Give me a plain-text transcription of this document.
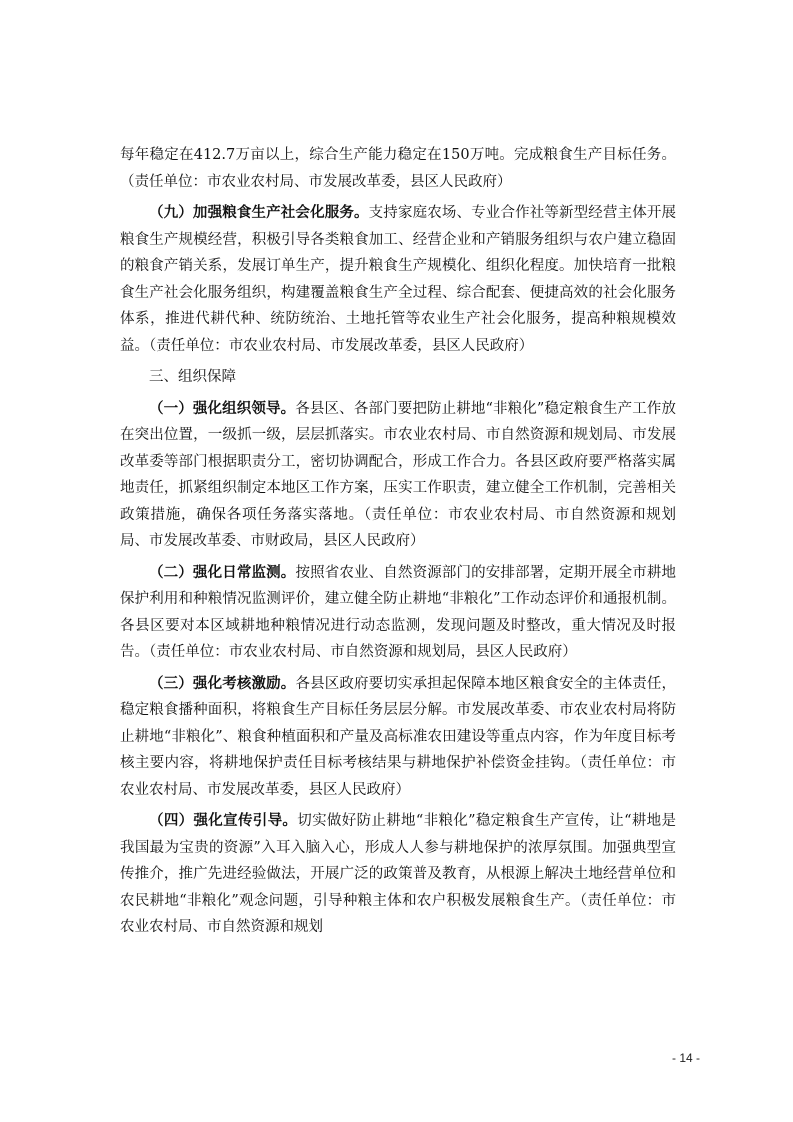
每年稳定在412.7万亩以上，综合生产能力稳定在150万吨。完成粮食生产目标任务。（责任单位：市农业农村局、市发展改革委，县区人民政府）

（九）加强粮食生产社会化服务。支持家庭农场、专业合作社等新型经营主体开展粮食生产规模经营，积极引导各类粮食加工、经营企业和产销服务组织与农户建立稳固的粮食产销关系，发展订单生产，提升粮食生产规模化、组织化程度。加快培育一批粮食生产社会化服务组织，构建覆盖粮食生产全过程、综合配套、便捷高效的社会化服务体系，推进代耕代种、统防统治、土地托管等农业生产社会化服务，提高种粮规模效益。（责任单位：市农业农村局、市发展改革委，县区人民政府）

三、组织保障

（一）强化组织领导。各县区、各部门要把防止耕地“非粮化”稳定粮食生产工作放在突出位置，一级抓一级，层层抓落实。市农业农村局、市自然资源和规划局、市发展改革委等部门根据职责分工，密切协调配合，形成工作合力。各县区政府要严格落实属地责任，抓紧组织制定本地区工作方案，压实工作职责，建立健全工作机制，完善相关政策措施，确保各项任务落实落地。（责任单位：市农业农村局、市自然资源和规划局、市发展改革委、市财政局，县区人民政府）

（二）强化日常监测。按照省农业、自然资源部门的安排部署，定期开展全市耕地保护利用和种粮情况监测评价，建立健全防止耕地“非粮化”工作动态评价和通报机制。各县区要对本区域耕地种粮情况进行动态监测，发现问题及时整改，重大情况及时报告。（责任单位：市农业农村局、市自然资源和规划局，县区人民政府）

（三）强化考核激励。各县区政府要切实承担起保障本地区粮食安全的主体责任，稳定粮食播种面积，将粮食生产目标任务层层分解。市发展改革委、市农业农村局将防止耕地“非粮化”、粮食种植面积和产量及高标准农田建设等重点内容，作为年度目标考核主要内容，将耕地保护责任目标考核结果与耕地保护补偿资金挂钩。（责任单位：市农业农村局、市发展改革委，县区人民政府）

（四）强化宣传引导。切实做好防止耕地“非粮化”稳定粮食生产宣传，让“耕地是我国最为宝贵的资源”入耳入脑入心，形成人人参与耕地保护的浓厚氛围。加强典型宣传推介，推广先进经验做法，开展广泛的政策普及教育，从根源上解决土地经营单位和农民耕地“非粮化”观念问题，引导种粮主体和农户积极发展粮食生产。（责任单位：市农业农村局、市自然资源和规划

- 14 -
